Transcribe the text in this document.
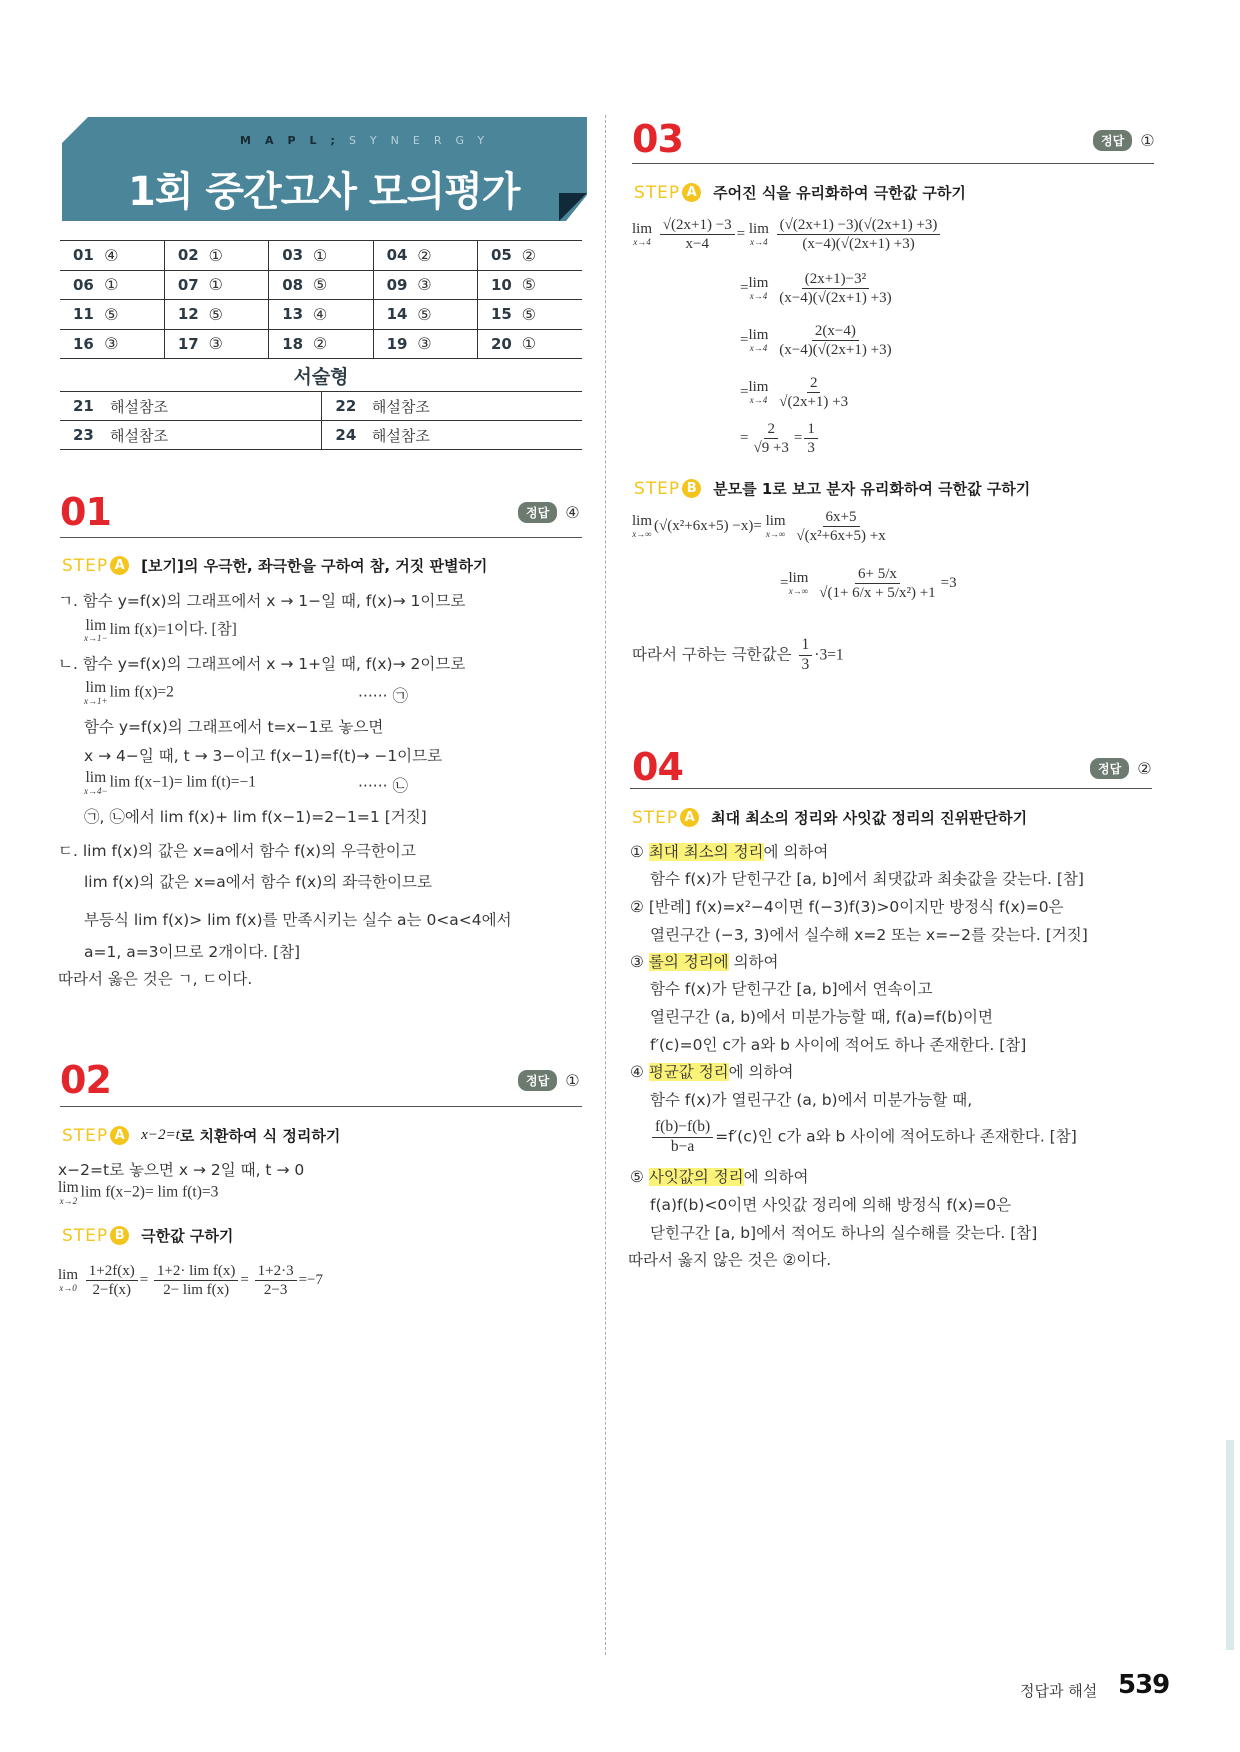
MAPL;SYNERGY
1회 중간고사 모의평가
01	④	02	①	03	①	04	②	05	②
06	①	07	①	08	⑤	09	③	10	⑤
11	⑤	12	⑤	13	④	14	⑤	15	⑤
16	③	17	③	18	②	19	③	20	①
서술형
21	해설참조	22	해설참조
23	해설참조	24	해설참조
01	정답	④
STEP A [보기]의 우극한, 좌극한을 구하여 참, 거짓 판별하기
ㄱ. 함수 y=f(x)의 그래프에서 x → 1−일 때, f(x)→ 1이므로
lim
x→1−
lim f(x)=1이다. [참]
ㄴ. 함수 y=f(x)의 그래프에서 x → 1+일 때, f(x)→ 2이므로
lim
x→1+
lim f(x)=2	······ ㉠
함수 y=f(x)의 그래프에서 t=x−1로 놓으면
x → 4−일 때, t → 3−이고 f(x−1)=f(t)→ −1이므로
lim
x→4−
lim f(x−1)= lim f(t)=−1	······ ㉡
㉠, ㉡에서 lim f(x)+ lim f(x−1)=2−1=1 [거짓]
ㄷ. lim f(x)의 값은 x=a에서 함수 f(x)의 우극한이고
lim f(x)의 값은 x=a에서 함수 f(x)의 좌극한이므로
부등식 lim f(x)> lim f(x)를 만족시키는 실수 a는 0<a<4에서
a=1, a=3이므로 2개이다. [참]
따라서 옳은 것은 ㄱ, ㄷ이다.
02	정답	①
STEP A x−2=t 로 치환하여 식 정리하기
x−2=t로 놓으면 x → 2일 때, t → 0
lim
x→2
lim f(x−2)= lim f(t)=3
STEP B	극한값 구하기
lim
x→0
$\frac{1+2f(x)}{2-f(x)} = \frac{\text{1+2· lim f(x)}}{\text{2− lim f(x)}} = \frac{1+2\cdot 3}{2-3} =-7$
03	정답	①
STEP A 주어진 식을 유리화하여 극한값 구하기
lim
x→4
$\frac{√(2x+1) -3}{x-4} = \lim$
x→4
$\frac{(√(2x+1) -3)(√(2x+1) +3)}{(x-4)(√(2x+1) +3)}$
= lim
x→4
$\frac{\text{(2x+1)−3²}}{(x-4)(√(2x+1) +3)}$
= lim
x→4
$\frac{2(x-4)}{(x-4)(√(2x+1) +3)}$
= lim
x→4
$\frac{2}{√(2x+1) +3}$
= $\frac{2}{√9 +3} = \frac{1}{3}$
STEP B	분모를 1로 보고 분자 유리화하여 극한값 구하기
lim
x→∞
(√(x²+6x+5) −x)= lim
x→∞
$\frac{6x+5}{\text{√(x²+6x+5) +x}}$
= lim
x→∞
$\frac{6+ 5/x}{\text{√(1+ 6/x + 5/x²) +1}} =3$
따라서 구하는 극한값은 $\frac{1}{3} \cdot 3=1$
04	정답	②
STEP A 최대 최소의 정리와 사잇값 정리의 진위판단하기
① 최대 최소의 정리에 의하여
함수 f(x)가 닫힌구간 [a, b]에서 최댓값과 최솟값을 갖는다. [참]
② [반례] f(x)=x²−4이면 f(−3)f(3)>0이지만 방정식 f(x)=0은
열린구간 (−3, 3)에서 실수해 x=2 또는 x=−2를 갖는다. [거짓]
③ 롤의 정리에 의하여
함수 f(x)가 닫힌구간 [a, b]에서 연속이고
열린구간 (a, b)에서 미분가능할 때, f(a)=f(b)이면
f′(c)=0인 c가 a와 b 사이에 적어도 하나 존재한다. [참]
④ 평균값 정리에 의하여
함수 f(x)가 열린구간 (a, b)에서 미분가능할 때,
$\frac{f(b)-f(b)}{b-a} =f'(c)$인 c가 a와 b 사이에 적어도하나 존재한다. [참]
⑤ 사잇값의 정리에 의하여
f(a)f(b)<0이면 사잇값 정리에 의해 방정식 f(x)=0은
닫힌구간 [a, b]에서 적어도 하나의 실수해를 갖는다. [참]
따라서 옳지 않은 것은 ②이다.
정답과 해설 539
